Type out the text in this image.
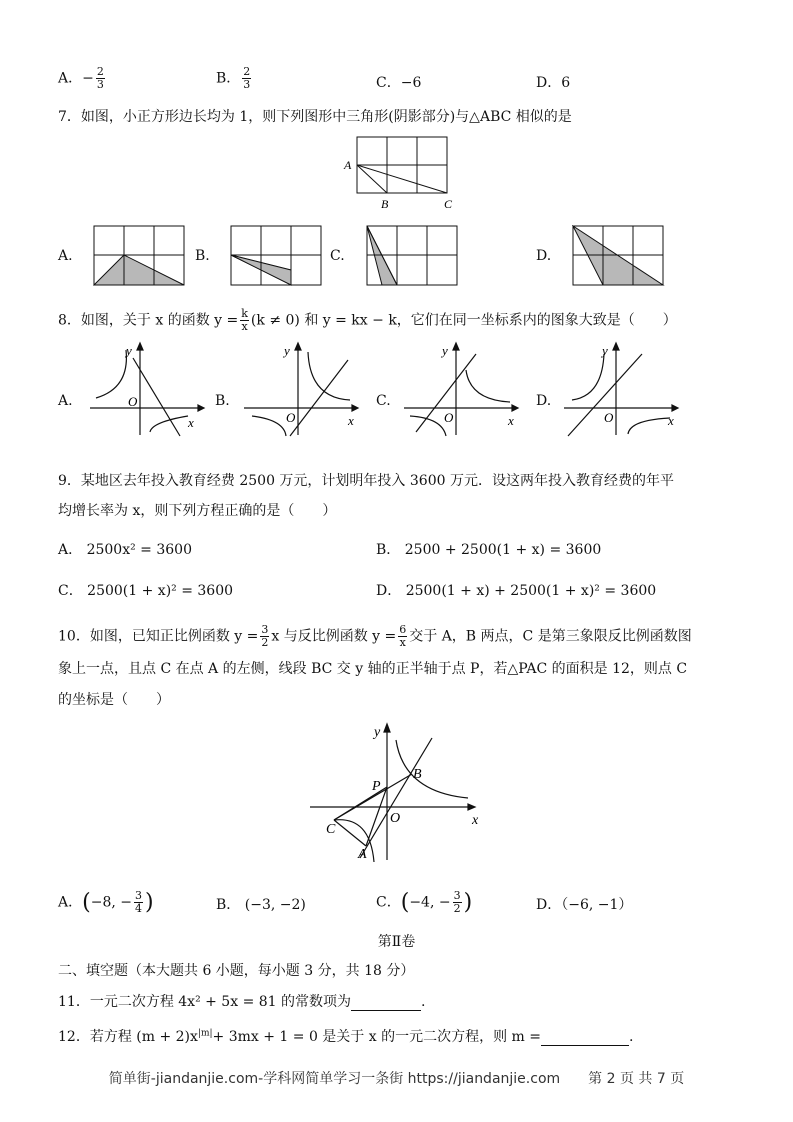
A．− $\frac{2}{3}$	B． $\frac{2}{3}$	C．−6	D．6
7．如图，小正方形边长均为 1，则下列图形中三角形(阴影部分)与△ABC 相似的是
A
B	C
A.	B.	C.	D.
8．如图，关于 x 的函数 $y = \frac{k}{x} (k \ne 0)$ 和 y = kx − k，它们在同一坐标系内的图象大致是（　　）
A.
y
x
O	B.
y
x
O
C.
y
x
O
D.
y
x
O
9．某地区去年投入教育经费 2500 万元，计划明年投入 3600 万元．设这两年投入教育经费的年平
均增长率为 x，则下列方程正确的是（　　）
A． 2500x² = 3600	B． 2500 + 2500(1 + x) = 3600
C． 2500(1 + x)² = 3600	D． 2500(1 + x) + 2500(1 + x)² = 3600
10．如图，已知正比例函数 $y = \frac{3}{2}$ x 与反比例函数 $y = \frac{6}{x}$ 交于 A，B 两点，C 是第三象限反比例函数图
象上一点，且点 C 在点 A 的左侧，线段 BC 交 y 轴的正半轴于点 P，若△PAC 的面积是 12，则点 C
的坐标是（　　）
y
x
O
P
B
C
A
A．(−8, − $\frac{3}{4}$ )	B． (−3, −2)	C．(−4, − $\frac{3}{2}$ )	D．（−6, −1）
第Ⅱ卷
二、填空题（本大题共 6 小题，每小题 3 分，共 18 分）
11．一元二次方程 4x² + 5x = 81 的常数项为	.
12．若方程 $(m + 2)x^{|m|}+ 3mx + 1 = 0$ 是关于 x 的一元二次方程，则 m =	.
简单街-jiandanjie.com-学科网简单学习一条街 https://jiandanjie.com　　第 2 页 共 7 页
